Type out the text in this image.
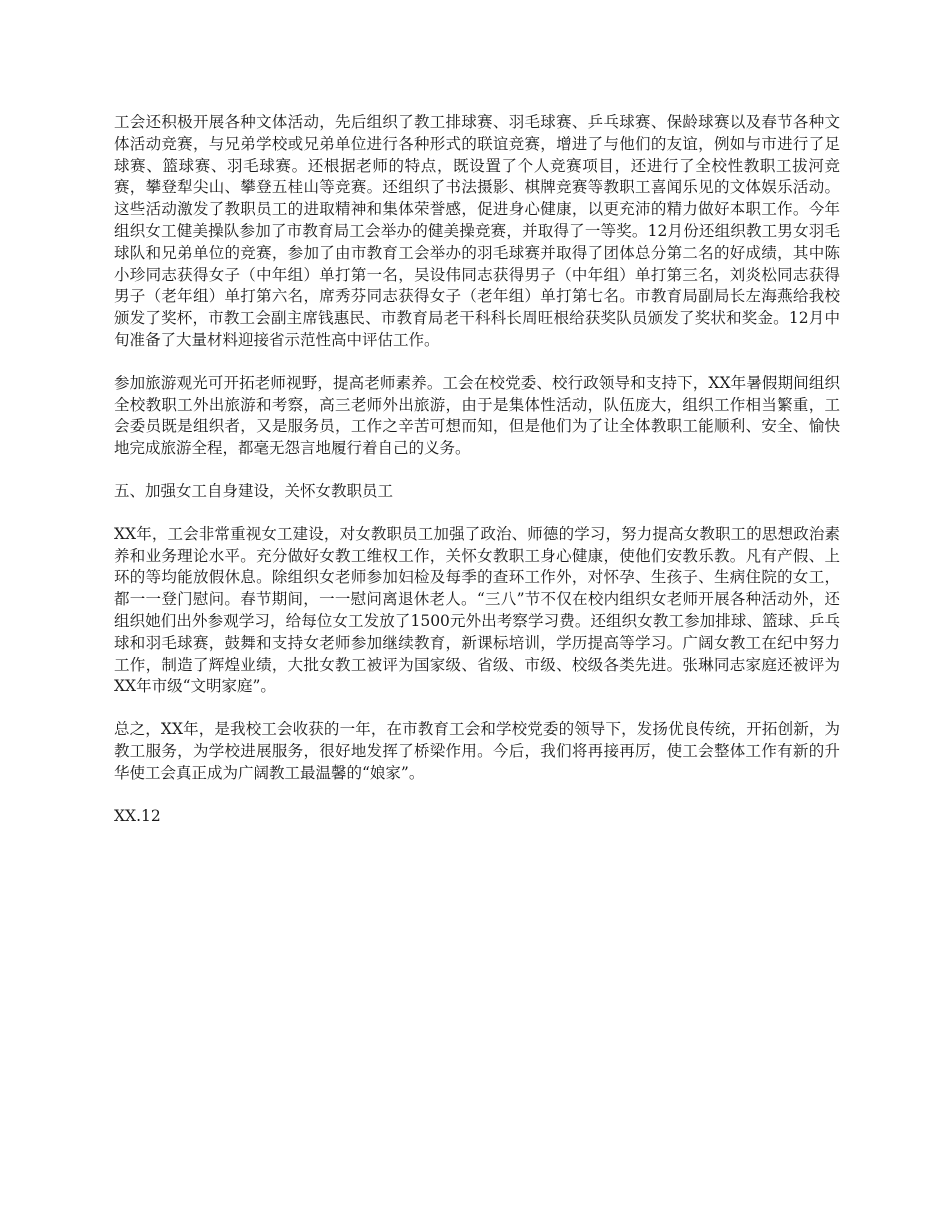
工会还积极开展各种文体活动，先后组织了教工排球赛、羽毛球赛、乒乓球赛、保龄球赛以及春节各种文体活动竞赛，与兄弟学校或兄弟单位进行各种形式的联谊竞赛，增进了与他们的友谊，例如与市进行了足球赛、篮球赛、羽毛球赛。还根据老师的特点，既设置了个人竞赛项目，还进行了全校性教职工拔河竞赛，攀登犁尖山、攀登五桂山等竞赛。还组织了书法摄影、棋牌竞赛等教职工喜闻乐见的文体娱乐活动。这些活动激发了教职员工的进取精神和集体荣誉感，促进身心健康，以更充沛的精力做好本职工作。今年组织女工健美操队参加了市教育局工会举办的健美操竞赛，并取得了一等奖。12月份还组织教工男女羽毛球队和兄弟单位的竞赛，参加了由市教育工会举办的羽毛球赛并取得了团体总分第二名的好成绩，其中陈小珍同志获得女子（中年组）单打第一名，吴设伟同志获得男子（中年组）单打第三名，刘炎松同志获得男子（老年组）单打第六名，席秀芬同志获得女子（老年组）单打第七名。市教育局副局长左海燕给我校颁发了奖杯，市教工会副主席钱惠民、市教育局老干科科长周旺根给获奖队员颁发了奖状和奖金。12月中旬准备了大量材料迎接省示范性高中评估工作。

参加旅游观光可开拓老师视野，提高老师素养。工会在校党委、校行政领导和支持下，XX年暑假期间组织全校教职工外出旅游和考察，高三老师外出旅游，由于是集体性活动，队伍庞大，组织工作相当繁重，工会委员既是组织者，又是服务员，工作之辛苦可想而知，但是他们为了让全体教职工能顺利、安全、愉快地完成旅游全程，都毫无怨言地履行着自己的义务。

五、加强女工自身建设，关怀女教职员工

XX年，工会非常重视女工建设，对女教职员工加强了政治、师德的学习，努力提高女教职工的思想政治素养和业务理论水平。充分做好女教工维权工作，关怀女教职工身心健康，使他们安教乐教。凡有产假、上环的等均能放假休息。除组织女老师参加妇检及每季的查环工作外，对怀孕、生孩子、生病住院的女工，都一一登门慰问。春节期间，一一慰问离退休老人。“三八”节不仅在校内组织女老师开展各种活动外，还组织她们出外参观学习，给每位女工发放了1500元外出考察学习费。还组织女教工参加排球、篮球、乒乓球和羽毛球赛，鼓舞和支持女老师参加继续教育，新课标培训，学历提高等学习。广阔女教工在纪中努力工作，制造了辉煌业绩，大批女教工被评为国家级、省级、市级、校级各类先进。张琳同志家庭还被评为XX年市级“文明家庭”。

总之，XX年，是我校工会收获的一年，在市教育工会和学校党委的领导下，发扬优良传统，开拓创新，为教工服务，为学校进展服务，很好地发挥了桥梁作用。今后，我们将再接再厉，使工会整体工作有新的升华使工会真正成为广阔教工最温馨的“娘家”。

XX.12
